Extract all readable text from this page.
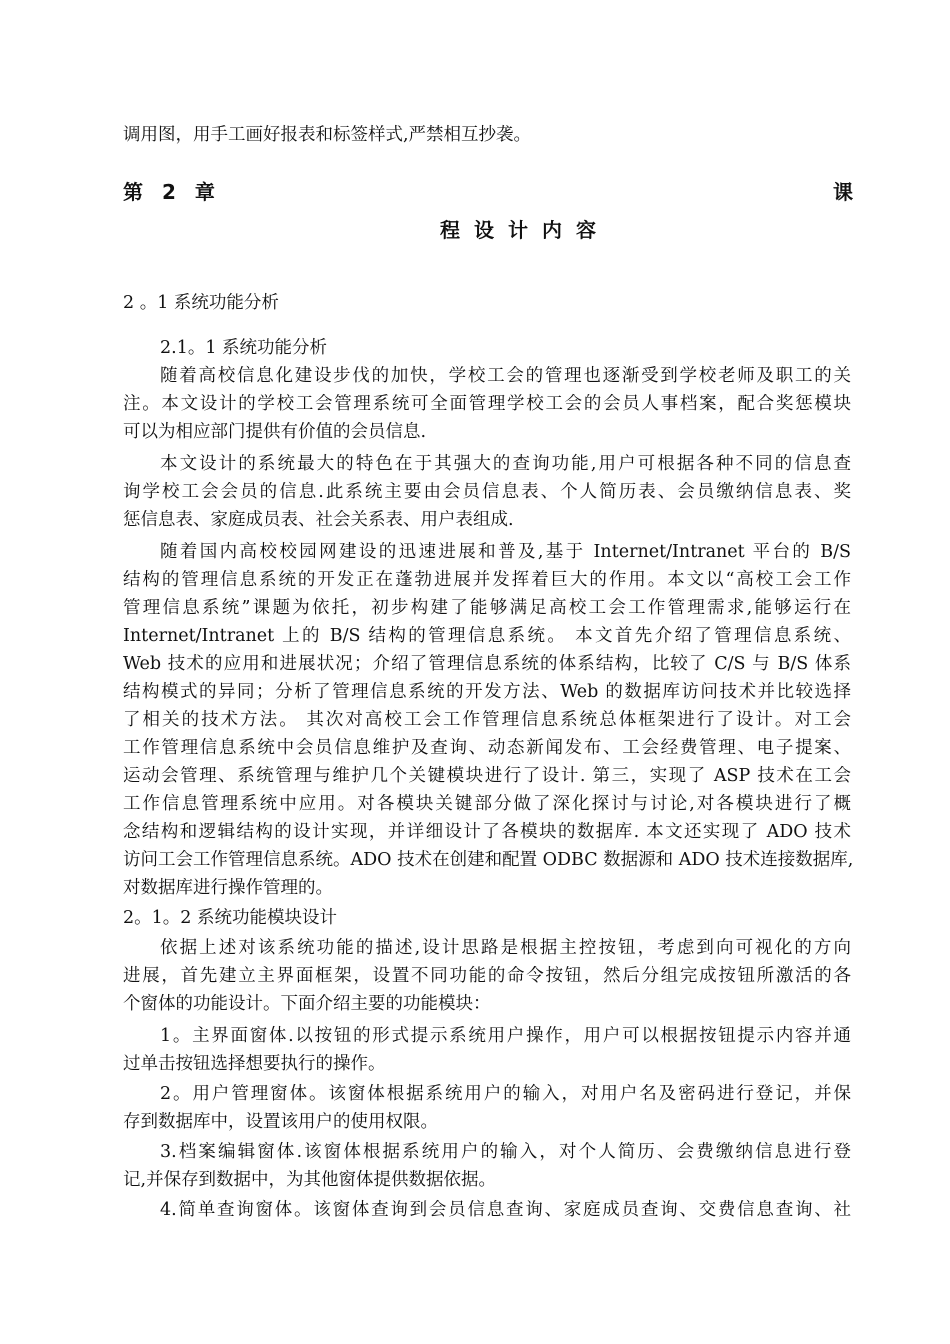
调用图，用手工画好报表和标签样式,严禁相互抄袭。
第 2 章	课
程设计内容
2 。1 系统功能分析
2.1。1 系统功能分析
随着高校信息化建设步伐的加快，学校工会的管理也逐渐受到学校老师及职工的关
注。本文设计的学校工会管理系统可全面管理学校工会的会员人事档案，配合奖惩模块
可以为相应部门提供有价值的会员信息.
本文设计的系统最大的特色在于其强大的查询功能,用户可根据各种不同的信息查
询学校工会会员的信息.此系统主要由会员信息表、个人简历表、会员缴纳信息表、奖
惩信息表、家庭成员表、社会关系表、用户表组成.
随着国内高校校园网建设的迅速进展和普及,基于 Internet/Intranet 平台的 B/S
结构的管理信息系统的开发正在蓬勃进展并发挥着巨大的作用。本文以“高校工会工作
管理信息系统”课题为依托，初步构建了能够满足高校工会工作管理需求,能够运行在
Internet/Intranet 上的 B/S 结构的管理信息系统。 本文首先介绍了管理信息系统、
Web 技术的应用和进展状况；介绍了管理信息系统的体系结构，比较了 C/S 与 B/S 体系
结构模式的异同；分析了管理信息系统的开发方法、Web 的数据库访问技术并比较选择
了相关的技术方法。 其次对高校工会工作管理信息系统总体框架进行了设计。对工会
工作管理信息系统中会员信息维护及查询、动态新闻发布、工会经费管理、电子提案、
运动会管理、系统管理与维护几个关键模块进行了设计. 第三，实现了 ASP 技术在工会
工作信息管理系统中应用。对各模块关键部分做了深化探讨与讨论,对各模块进行了概
念结构和逻辑结构的设计实现，并详细设计了各模块的数据库. 本文还实现了 ADO 技术
访问工会工作管理信息系统。ADO 技术在创建和配置 ODBC 数据源和 ADO 技术连接数据库,
对数据库进行操作管理的。
2。1。2 系统功能模块设计
依据上述对该系统功能的描述,设计思路是根据主控按钮，考虑到向可视化的方向
进展，首先建立主界面框架，设置不同功能的命令按钮，然后分组完成按钮所激活的各
个窗体的功能设计。下面介绍主要的功能模块：
1。主界面窗体.以按钮的形式提示系统用户操作，用户可以根据按钮提示内容并通
过单击按钮选择想要执行的操作。
2。用户管理窗体。该窗体根据系统用户的输入，对用户名及密码进行登记，并保
存到数据库中，设置该用户的使用权限。
3.档案编辑窗体.该窗体根据系统用户的输入，对个人简历、会费缴纳信息进行登
记,并保存到数据中，为其他窗体提供数据依据。
4.简单查询窗体。该窗体查询到会员信息查询、家庭成员查询、交费信息查询、社
